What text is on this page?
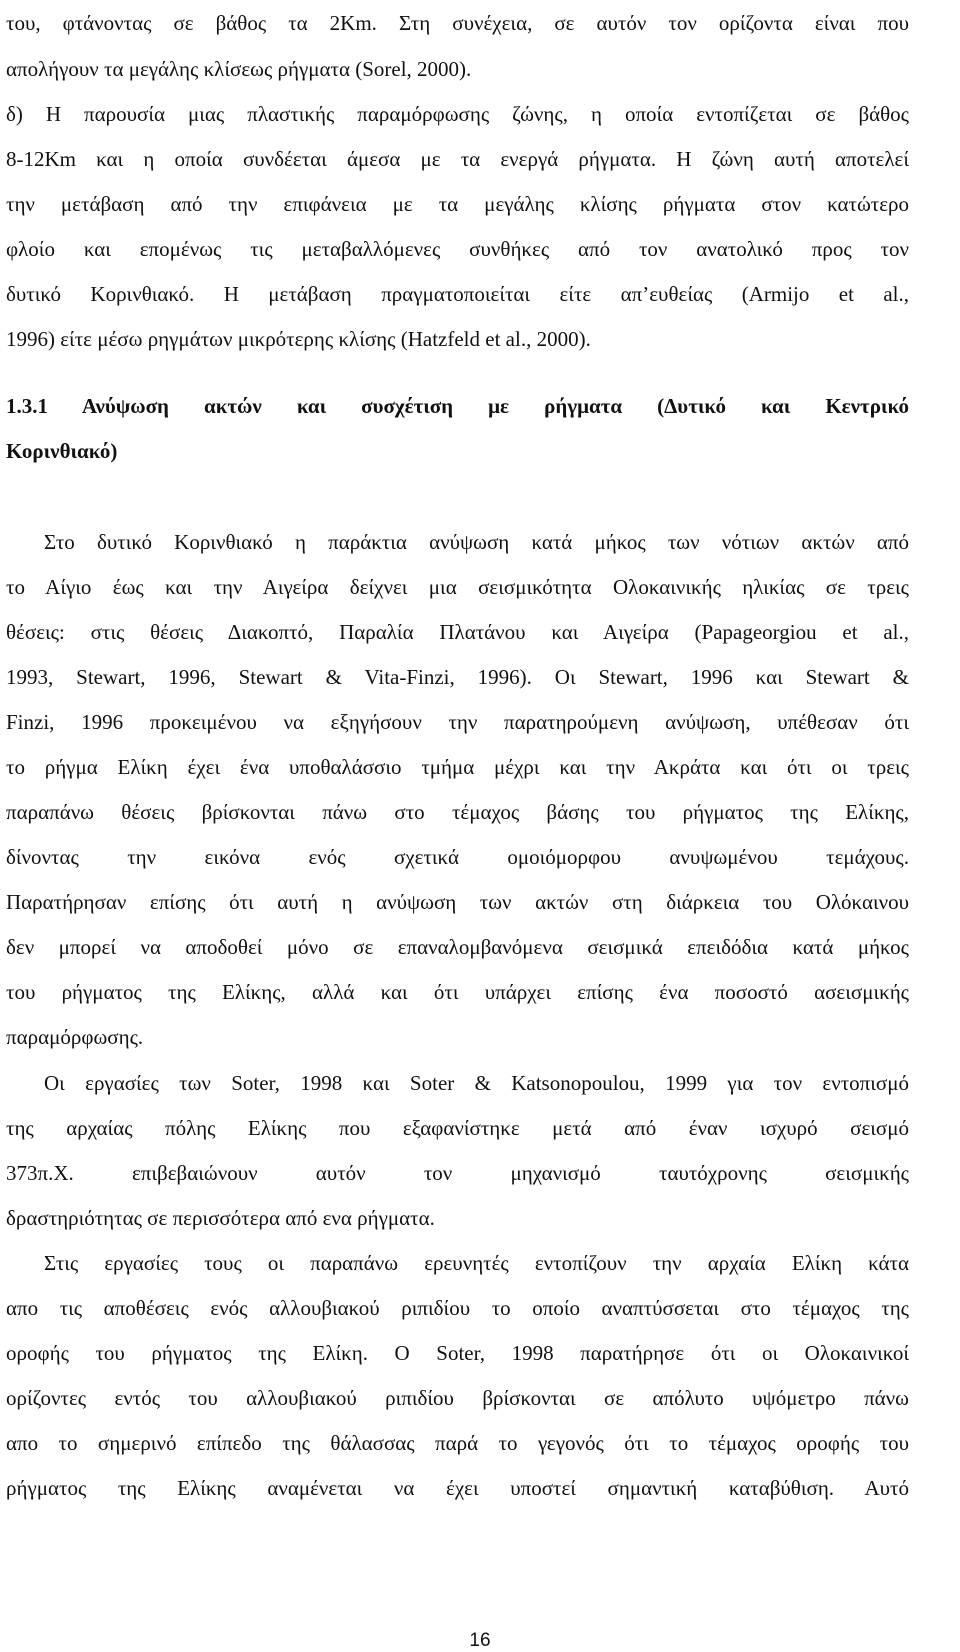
του, φτάνοντας σε βάθος τα 2Km. Στη συνέχεια, σε αυτόν τον ορίζοντα είναι που
απολήγουν τα μεγάλης κλίσεως ρήγματα (Sorel, 2000).
δ) Η παρουσία μιας πλαστικής παραμόρφωσης ζώνης, η οποία εντοπίζεται σε βάθος
8-12Km και η οποία συνδέεται άμεσα με τα ενεργά ρήγματα. Η ζώνη αυτή αποτελεί
την μετάβαση από την επιφάνεια με τα μεγάλης κλίσης ρήγματα στον κατώτερο
φλοίο και επομένως τις μεταβαλλόμενες συνθήκες από τον ανατολικό προς τον
δυτικό Κορινθιακό. Η μετάβαση πραγματοποιείται είτε απ’ευθείας (Armijo et al.,
1996) είτε μέσω ρηγμάτων μικρότερης κλίσης (Hatzfeld et al., 2000).
1.3.1 Ανύψωση ακτών και συσχέτιση με ρήγματα (Δυτικό και Κεντρικό
Κορινθιακό)
Στο δυτικό Κορινθιακό η παράκτια ανύψωση κατά μήκος των νότιων ακτών από
το Αίγιο έως και την Αιγείρα δείχνει μια σεισμικότητα Ολοκαινικής ηλικίας σε τρεις
θέσεις: στις θέσεις Διακοπτό, Παραλία Πλατάνου και Αιγείρα (Papageorgiou et al.,
1993, Stewart, 1996, Stewart & Vita-Finzi, 1996). Οι Stewart, 1996 και Stewart &
Finzi, 1996 προκειμένου να εξηγήσουν την παρατηρούμενη ανύψωση, υπέθεσαν ότι
το ρήγμα Ελίκη έχει ένα υποθαλάσσιο τμήμα μέχρι και την Ακράτα και ότι οι τρεις
παραπάνω θέσεις βρίσκονται πάνω στο τέμαχος βάσης του ρήγματος της Ελίκης,
δίνοντας την εικόνα ενός σχετικά ομοιόμορφου ανυψωμένου τεμάχους.
Παρατήρησαν επίσης ότι αυτή η ανύψωση των ακτών στη διάρκεια του Ολόκαινου
δεν μπορεί να αποδοθεί μόνο σε επαναλομβανόμενα σεισμικά επειδόδια κατά μήκος
του ρήγματος της Ελίκης, αλλά και ότι υπάρχει επίσης ένα ποσοστό ασεισμικής
παραμόρφωσης.
Οι εργασίες των Soter, 1998 και Soter & Katsonopoulou, 1999 για τον εντοπισμό
της αρχαίας πόλης Ελίκης που εξαφανίστηκε μετά από έναν ισχυρό σεισμό
373π.Χ. επιβεβαιώνουν αυτόν τον μηχανισμό ταυτόχρονης σεισμικής
δραστηριότητας σε περισσότερα από ενα ρήγματα.
Στις εργασίες τους οι παραπάνω ερευνητές εντοπίζουν την αρχαία Ελίκη κάτα
απο τις αποθέσεις ενός αλλουβιακού ριπιδίου το οποίο αναπτύσσεται στο τέμαχος της
οροφής του ρήγματος της Ελίκη. Ο Soter, 1998 παρατήρησε ότι οι Ολοκαινικοί
ορίζοντες εντός του αλλουβιακού ριπιδίου βρίσκονται σε απόλυτο υψόμετρο πάνω
απο το σημερινό επίπεδο της θάλασσας παρά το γεγονός ότι το τέμαχος οροφής του
ρήγματος της Ελίκης αναμένεται να έχει υποστεί σημαντική καταβύθιση. Αυτό
16
